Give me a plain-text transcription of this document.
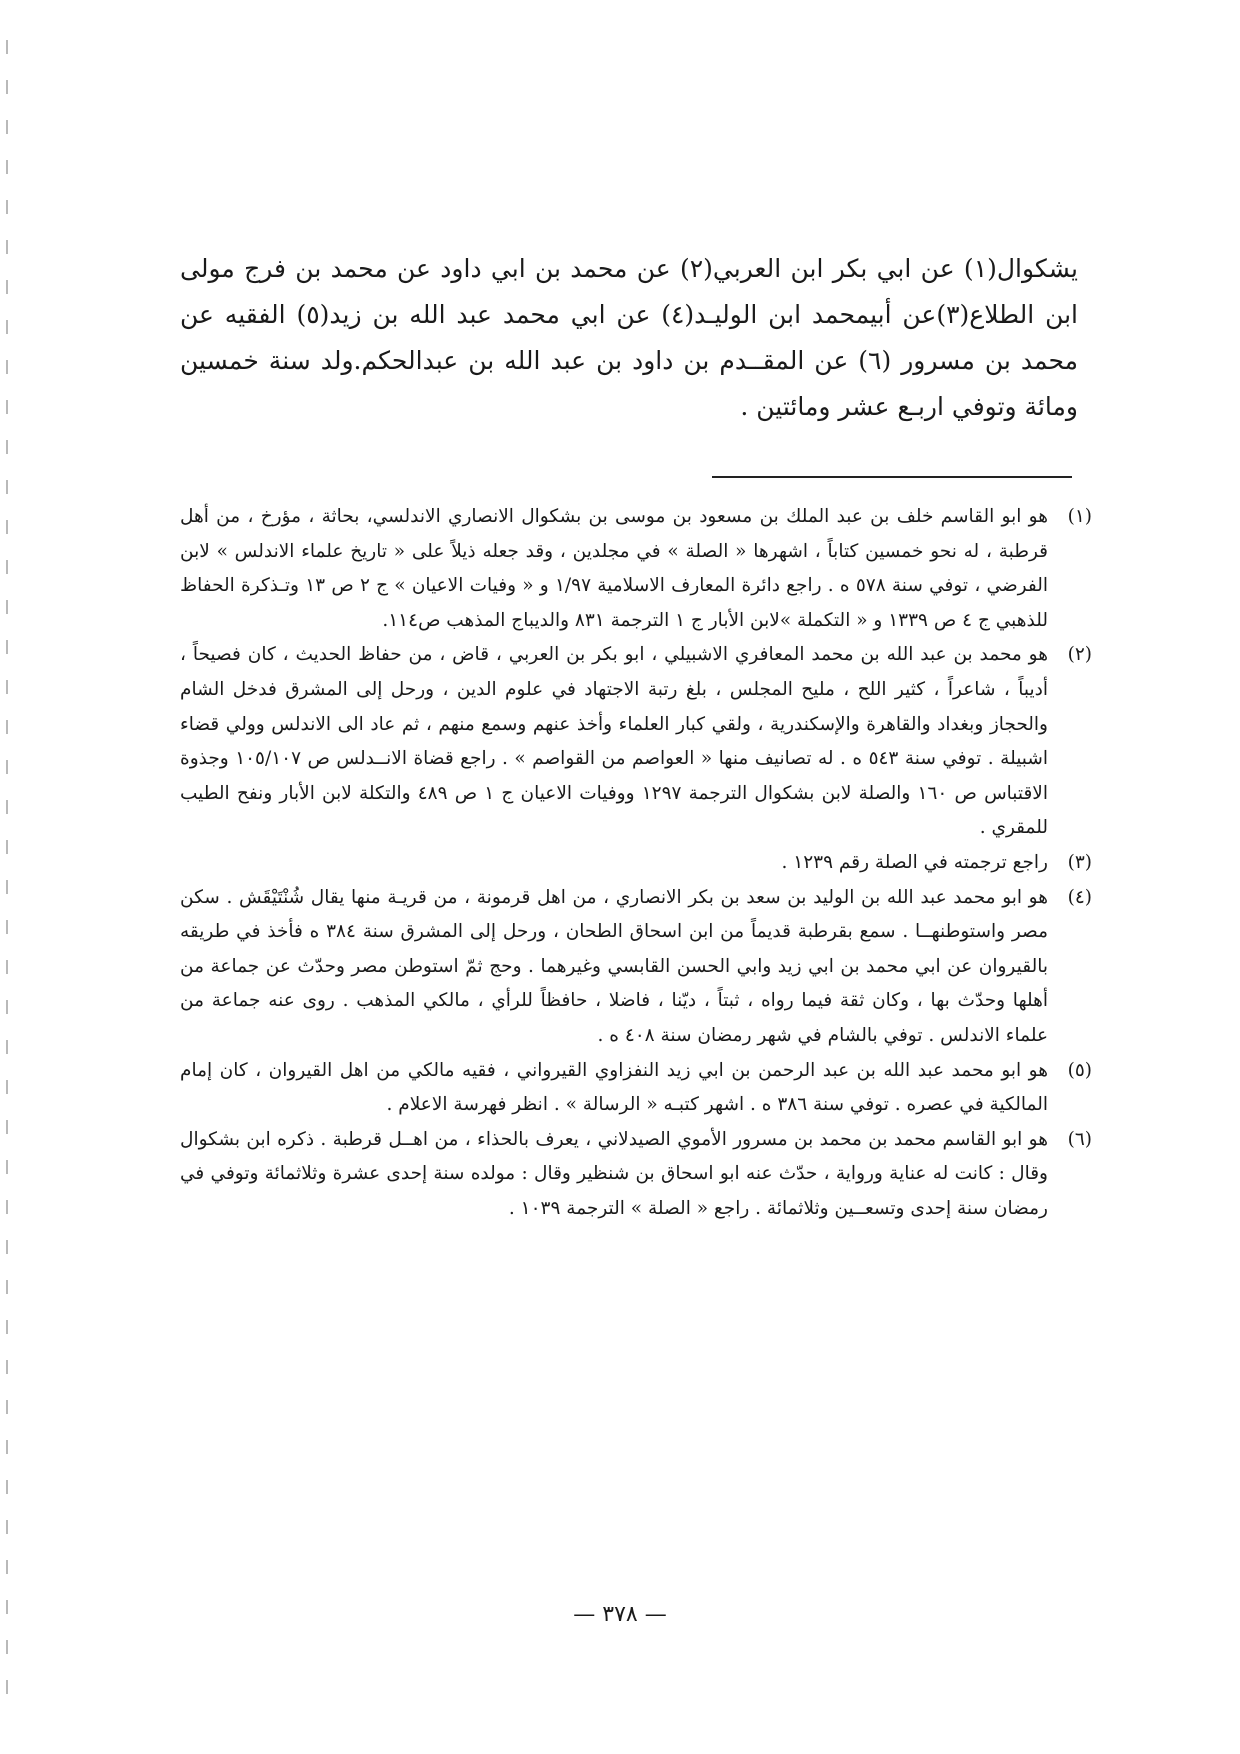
يشكوال(١) عن ابي بكر ابن العربي(٢) عن محمد بن ابي داود عن محمد بن فرج مولى ابن الطلاع(٣)عن أبيمحمد ابن الوليـد(٤) عن ابي محمد عبد الله بن زيد(٥) الفقيه عن محمد بن مسرور (٦) عن المقــدم بن داود بن عبد الله بن عبدالحكم.ولد سنة خمسين ومائة وتوفي اربـع عشر ومائتين .

(١)
هو ابو القاسم خلف بن عبد الملك بن مسعود بن موسى بن بشكوال الانصاري الاندلسي، بحاثة ، مؤرخ ، من أهل قرطبة ، له نحو خمسين كتاباً ، اشهرها « الصلة » في مجلدين ، وقد جعله ذيلاً على « تاريخ علماء الاندلس » لابن الفرضي ، توفي سنة ٥٧٨ ه . راجع دائرة المعارف الاسلامية ١/٩٧ و « وفيات الاعيان » ج ٢ ص ١٣ وتـذكرة الحفاظ للذهبي ج ٤ ص ١٣٣٩ و « التكملة »لابن الأبار ج ١ الترجمة ٨٣١ والديباج المذهب ص١١٤.
(٢)
هو محمد بن عبد الله بن محمد المعافري الاشبيلي ، ابو بكر بن العربي ، قاض ، من حفاظ الحديث ، كان فصيحاً ، أديباً ، شاعراً ، كثير اللح ، مليح المجلس ، بلغ رتبة الاجتهاد في علوم الدين ، ورحل إلى المشرق فدخل الشام والحجاز وبغداد والقاهرة والإسكندرية ، ولقي كبار العلماء وأخذ عنهم وسمع منهم ، ثم عاد الى الاندلس وولي قضاء اشبيلة . توفي سنة ٥٤٣ ه . له تصانيف منها « العواصم من القواصم » . راجع قضاة الانــدلس ص ١٠٥/١٠٧ وجذوة الاقتباس ص ١٦٠ والصلة لابن بشكوال الترجمة ١٢٩٧ ووفيات الاعيان ج ١ ص ٤٨٩ والتكلة لابن الأبار ونفح الطيب للمقري .
(٣)
راجع ترجمته في الصلة رقم ١٢٣٩ .
(٤)
هو ابو محمد عبد الله بن الوليد بن سعد بن بكر الانصاري ، من اهل قرمونة ، من قريـة منها يقال شُنْتَيْقَش . سكن مصر واستوطنهــا . سمع بقرطبة قديماً من ابن اسحاق الطحان ، ورحل إلى المشرق سنة ٣٨٤ ه فأخذ في طريقه بالقيروان عن ابي محمد بن ابي زيد وابي الحسن القابسي وغيرهما . وحج ثمّ استوطن مصر وحدّث عن جماعة من أهلها وحدّث بها ، وكان ثقة فيما رواه ، ثبتاً ، ديّنا ، فاضلا ، حافظاً للرأي ، مالكي المذهب . روى عنه جماعة من علماء الاندلس . توفي بالشام في شهر رمضان سنة ٤٠٨ ه .
(٥)
هو ابو محمد عبد الله بن عبد الرحمن بن ابي زيد النفزاوي القيرواني ، فقيه مالكي من اهل القيروان ، كان إمام المالكية في عصره . توفي سنة ٣٨٦ ه . اشهر كتبـه « الرسالة » . انظر فهرسة الاعلام .
(٦)
هو ابو القاسم محمد بن محمد بن مسرور الأموي الصيدلاني ، يعرف بالحذاء ، من اهــل قرطبة . ذكره ابن بشكوال وقال : كانت له عناية ورواية ، حدّث عنه ابو اسحاق بن شنظير وقال : مولده سنة إحدى عشرة وثلاثمائة وتوفي في رمضان سنة إحدى وتسعــين وثلاثمائة . راجع « الصلة » الترجمة ١٠٣٩ .
— ٣٧٨ —
